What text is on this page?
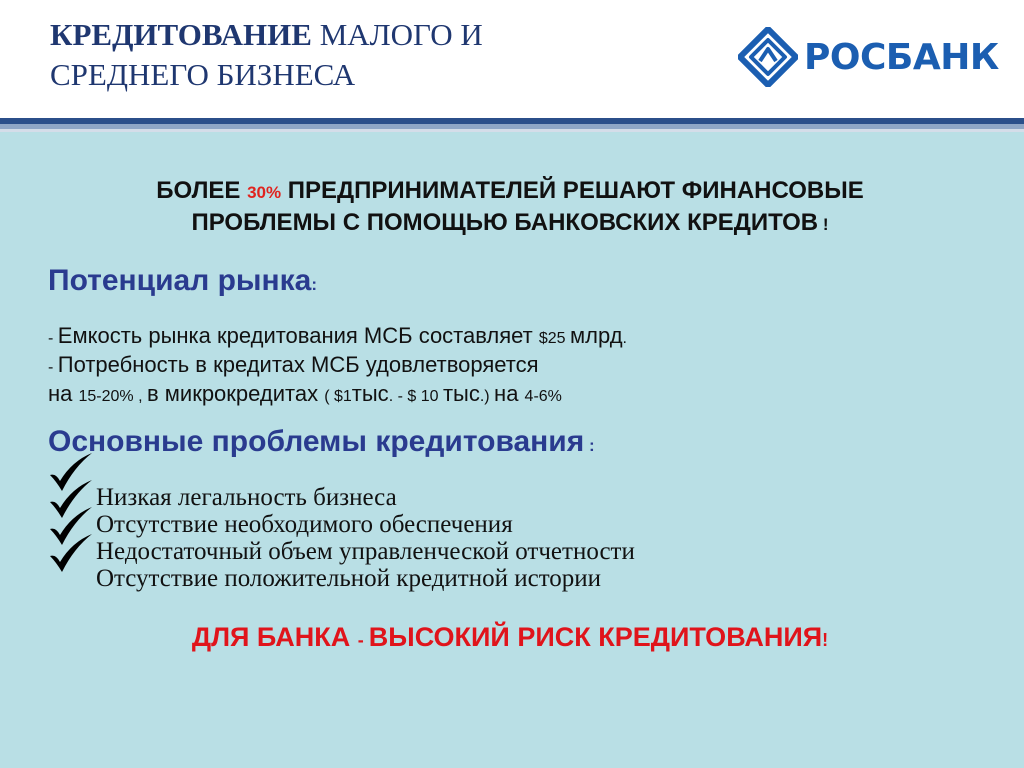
КРЕДИТОВАНИЕ МАЛОГО И
СРЕДНЕГО БИЗНЕСА	РОСБАНК

БОЛЕЕ 30% ПРЕДПРИНИМАТЕЛЕЙ РЕШАЮТ ФИНАНСОВЫЕ
ПРОБЛЕМЫ С ПОМОЩЬЮ БАНКОВСКИХ КРЕДИТОВ !

Потенциал рынка:
- Емкость рынка кредитования МСБ составляет $25 млрд.
- Потребность в кредитах МСБ удовлетворяется
на 15-20% , в микрокредитах ( $1тыс. - $ 10 тыс.) на 4-6%
Основные проблемы кредитования :
Низкая легальность бизнеса
Отсутствие необходимого обеспечения
Недостаточный объем управленческой отчетности
Отсутствие положительной кредитной истории

ДЛЯ БАНКА - ВЫСОКИЙ РИСК КРЕДИТОВАНИЯ!
